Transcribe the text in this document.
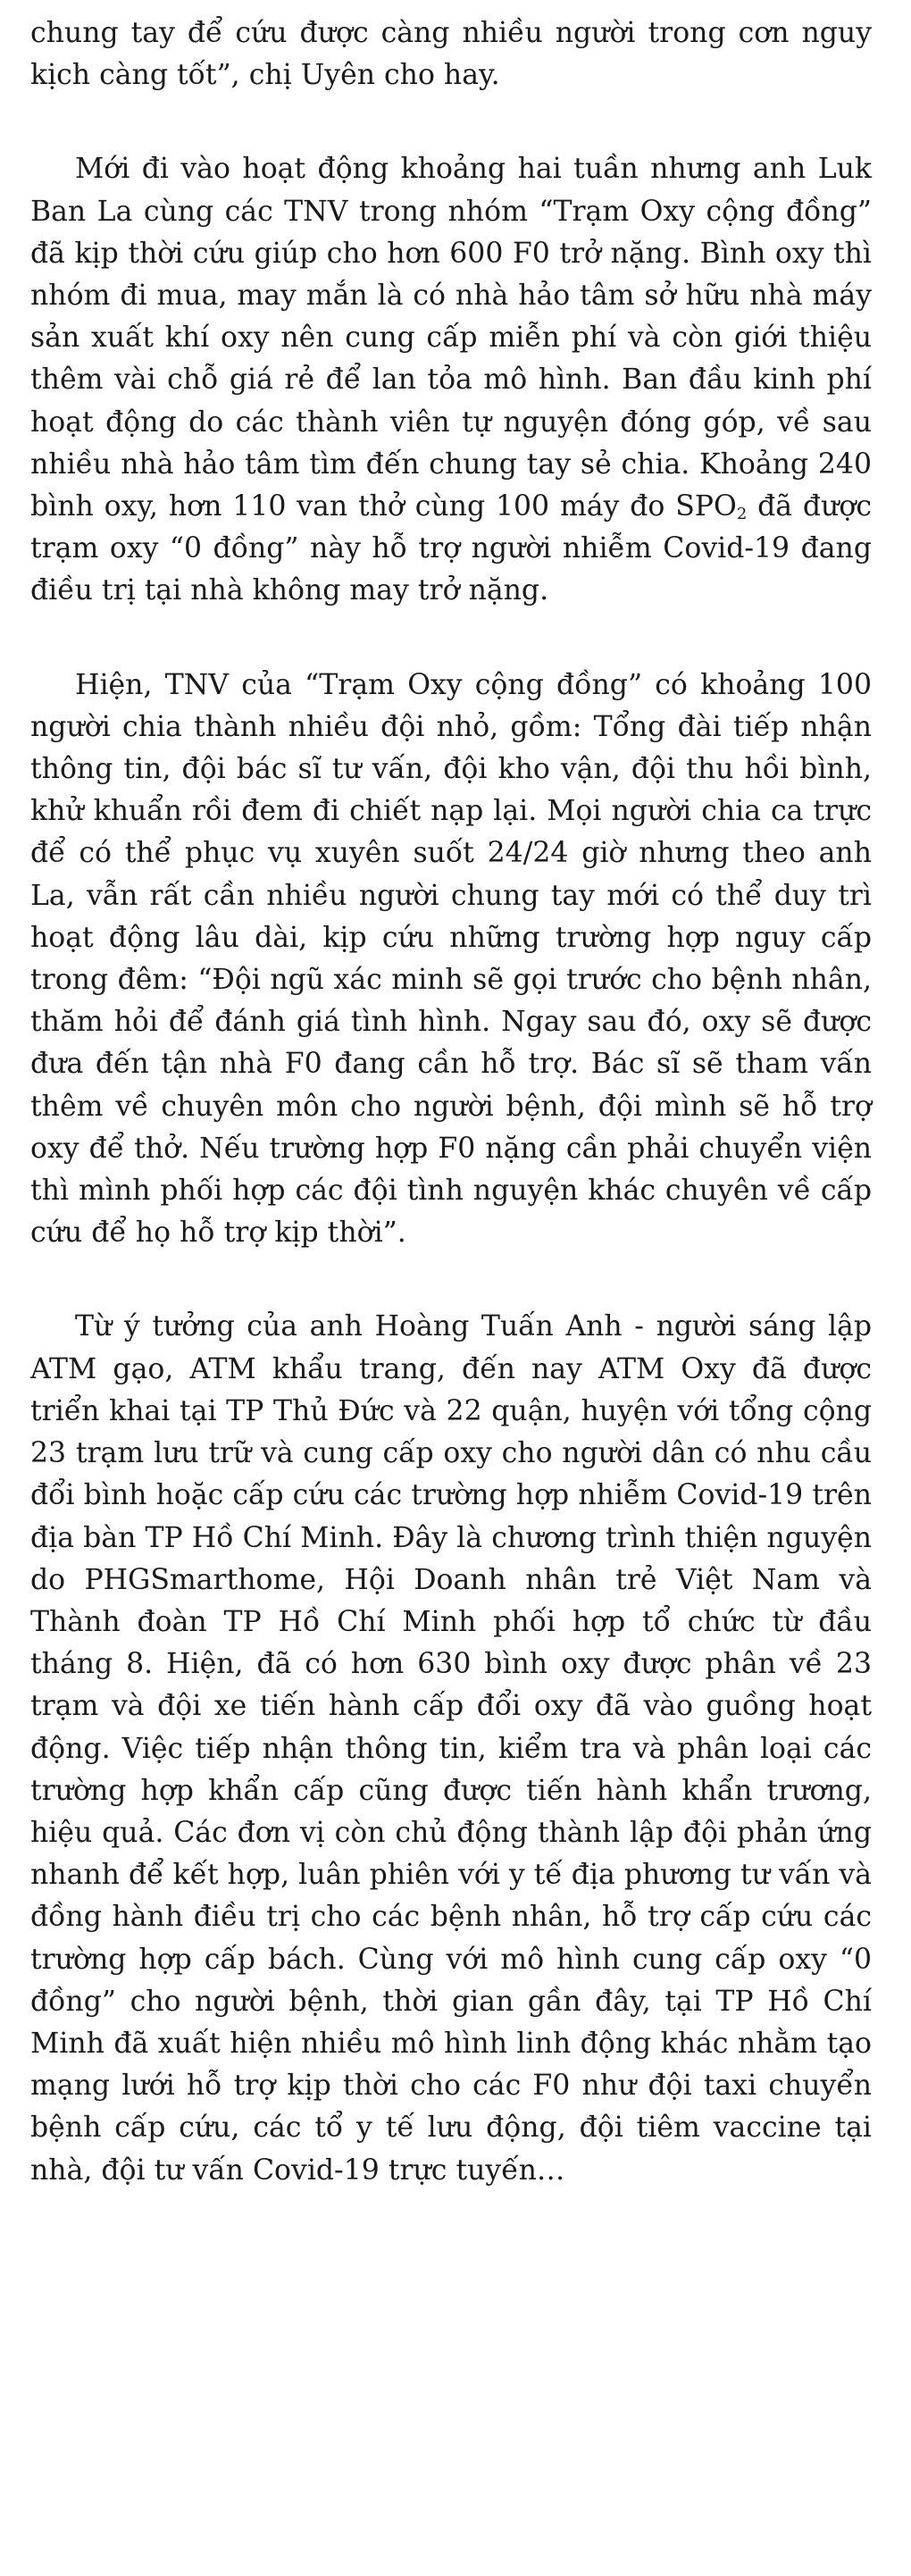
chung tay để cứu được càng nhiều người trong cơn nguy kịch càng tốt”, chị Uyên cho hay.

Mới đi vào hoạt động khoảng hai tuần nhưng anh Luk Ban La cùng các TNV trong nhóm “Trạm Oxy cộng đồng” đã kịp thời cứu giúp cho hơn 600 F0 trở nặng. Bình oxy thì nhóm đi mua, may mắn là có nhà hảo tâm sở hữu nhà máy sản xuất khí oxy nên cung cấp miễn phí và còn giới thiệu thêm vài chỗ giá rẻ để lan tỏa mô hình. Ban đầu kinh phí hoạt động do các thành viên tự nguyện đóng góp, về sau nhiều nhà hảo tâm tìm đến chung tay sẻ chia. Khoảng 240 bình oxy, hơn 110 van thở cùng 100 máy đo $SPO_2$ đã được trạm oxy “0 đồng” này hỗ trợ người nhiễm Covid-19 đang điều trị tại nhà không may trở nặng.

Hiện, TNV của “Trạm Oxy cộng đồng” có khoảng 100 người chia thành nhiều đội nhỏ, gồm: Tổng đài tiếp nhận thông tin, đội bác sĩ tư vấn, đội kho vận, đội thu hồi bình, khử khuẩn rồi đem đi chiết nạp lại. Mọi người chia ca trực để có thể phục vụ xuyên suốt 24/24 giờ nhưng theo anh La, vẫn rất cần nhiều người chung tay mới có thể duy trì hoạt động lâu dài, kịp cứu những trường hợp nguy cấp trong đêm: “Đội ngũ xác minh sẽ gọi trước cho bệnh nhân, thăm hỏi để đánh giá tình hình. Ngay sau đó, oxy sẽ được đưa đến tận nhà F0 đang cần hỗ trợ. Bác sĩ sẽ tham vấn thêm về chuyên môn cho người bệnh, đội mình sẽ hỗ trợ oxy để thở. Nếu trường hợp F0 nặng cần phải chuyển viện thì mình phối hợp các đội tình nguyện khác chuyên về cấp cứu để họ hỗ trợ kịp thời”.

Từ ý tưởng của anh Hoàng Tuấn Anh - người sáng lập ATM gạo, ATM khẩu trang, đến nay ATM Oxy đã được triển khai tại TP Thủ Đức và 22 quận, huyện với tổng cộng 23 trạm lưu trữ và cung cấp oxy cho người dân có nhu cầu đổi bình hoặc cấp cứu các trường hợp nhiễm Covid-19 trên địa bàn TP Hồ Chí Minh. Đây là chương trình thiện nguyện do PHGSmarthome, Hội Doanh nhân trẻ Việt Nam và Thành đoàn TP Hồ Chí Minh phối hợp tổ chức từ đầu tháng 8. Hiện, đã có hơn 630 bình oxy được phân về 23 trạm và đội xe tiến hành cấp đổi oxy đã vào guồng hoạt động. Việc tiếp nhận thông tin, kiểm tra và phân loại các trường hợp khẩn cấp cũng được tiến hành khẩn trương, hiệu quả. Các đơn vị còn chủ động thành lập đội phản ứng nhanh để kết hợp, luân phiên với y tế địa phương tư vấn và đồng hành điều trị cho các bệnh nhân, hỗ trợ cấp cứu các trường hợp cấp bách. Cùng với mô hình cung cấp oxy “0 đồng” cho người bệnh, thời gian gần đây, tại TP Hồ Chí Minh đã xuất hiện nhiều mô hình linh động khác nhằm tạo mạng lưới hỗ trợ kịp thời cho các F0 như đội taxi chuyển bệnh cấp cứu, các tổ y tế lưu động, đội tiêm vaccine tại nhà, đội tư vấn Covid-19 trực tuyến…
